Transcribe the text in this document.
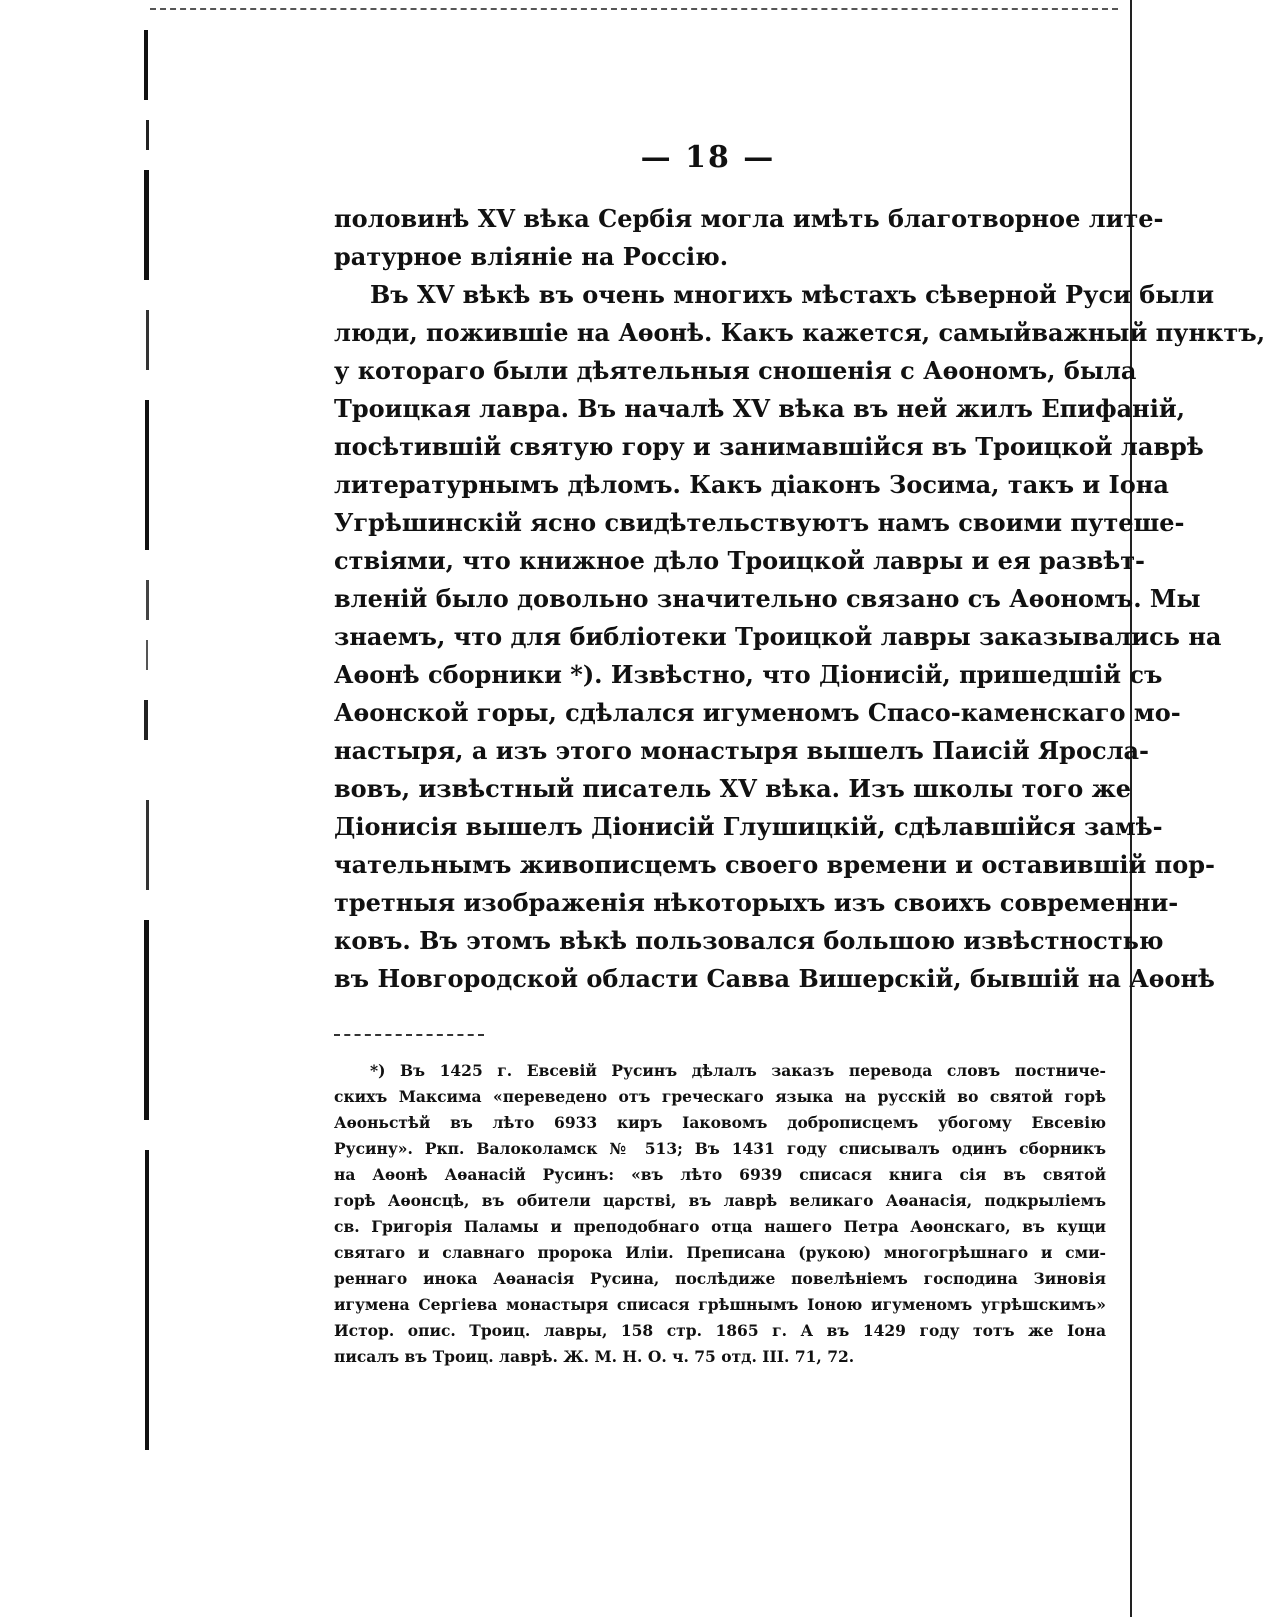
— 18 —
половинѣ XV вѣка Сербія могла имѣть благотворное лите-
ратурное вліяніе на Россію.
Въ XV вѣкѣ въ очень многихъ мѣстахъ сѣверной Руси были
люди, пожившіе на Аѳонѣ. Какъ кажется, самыйважный пунктъ,
у котораго были дѣятельныя сношенія с Аѳономъ, была
Троицкая лавра. Въ началѣ XV вѣка въ ней жилъ Епифаній,
посѣтившій святую гору и занимавшійся въ Троицкой лаврѣ
литературнымъ дѣломъ. Какъ діаконъ Зосима, такъ и Іона
Угрѣшинскій ясно свидѣтельствуютъ намъ своими путеше-
ствіями, что книжное дѣло Троицкой лавры и ея развѣт-
вленій было довольно значительно связано съ Аѳономъ. Мы
знаемъ, что для библіотеки Троицкой лавры заказывались на
Аѳонѣ сборники *). Извѣстно, что Діонисій, пришедшій съ
Аѳонской горы, сдѣлался игуменомъ Спасо-каменскаго мо-
настыря, а изъ этого монастыря вышелъ Паисій Яросла-
вовъ, извѣстный писатель XV вѣка. Изъ школы того же
Діонисія вышелъ Діонисій Глушицкій, сдѣлавшійся замѣ-
чательнымъ живописцемъ своего времени и оставившій пор-
третныя изображенія нѣкоторыхъ изъ своихъ современни-
ковъ. Въ этомъ вѣкѣ пользовался большою извѣстностью
въ Новгородской области Савва Вишерскій, бывшій на Аѳонѣ
*) Въ 1425 г. Евсевій Русинъ дѣлалъ заказъ перевода словъ постниче-
скихъ Максима «переведено отъ греческаго языка на русскій во святой горѣ
Аѳоньстѣй въ лѣто 6933 киръ Іаковомъ доброписцемъ убогому Евсевію
Русину». Ркп. Валоколамск № 513; Въ 1431 году списывалъ одинъ сборникъ
на Аѳонѣ Аѳанасій Русинъ: «въ лѣто 6939 списася книга сія въ святой
горѣ Аѳонсцѣ, въ обители царствi, въ лаврѣ великаго Аѳанасія, подкрыліемъ
св. Григорія Паламы и преподобнаго отца нашего Петра Аѳонскаго, въ кущи
святаго и славнаго пророка Иліи. Преписана (рукою) многогрѣшнаго и сми-
реннаго инока Аѳанасія Русина, послѣдиже повелѣніемъ господина Зиновія
игумена Сергіева монастыря списася грѣшнымъ Іоною игуменомъ угрѣшскимъ»
Истор. опис. Троиц. лавры, 158 стр. 1865 г. А въ 1429 году тотъ же Іона
писалъ въ Троиц. лаврѣ. Ж. М. Н. О. ч. 75 отд. III. 71, 72.
